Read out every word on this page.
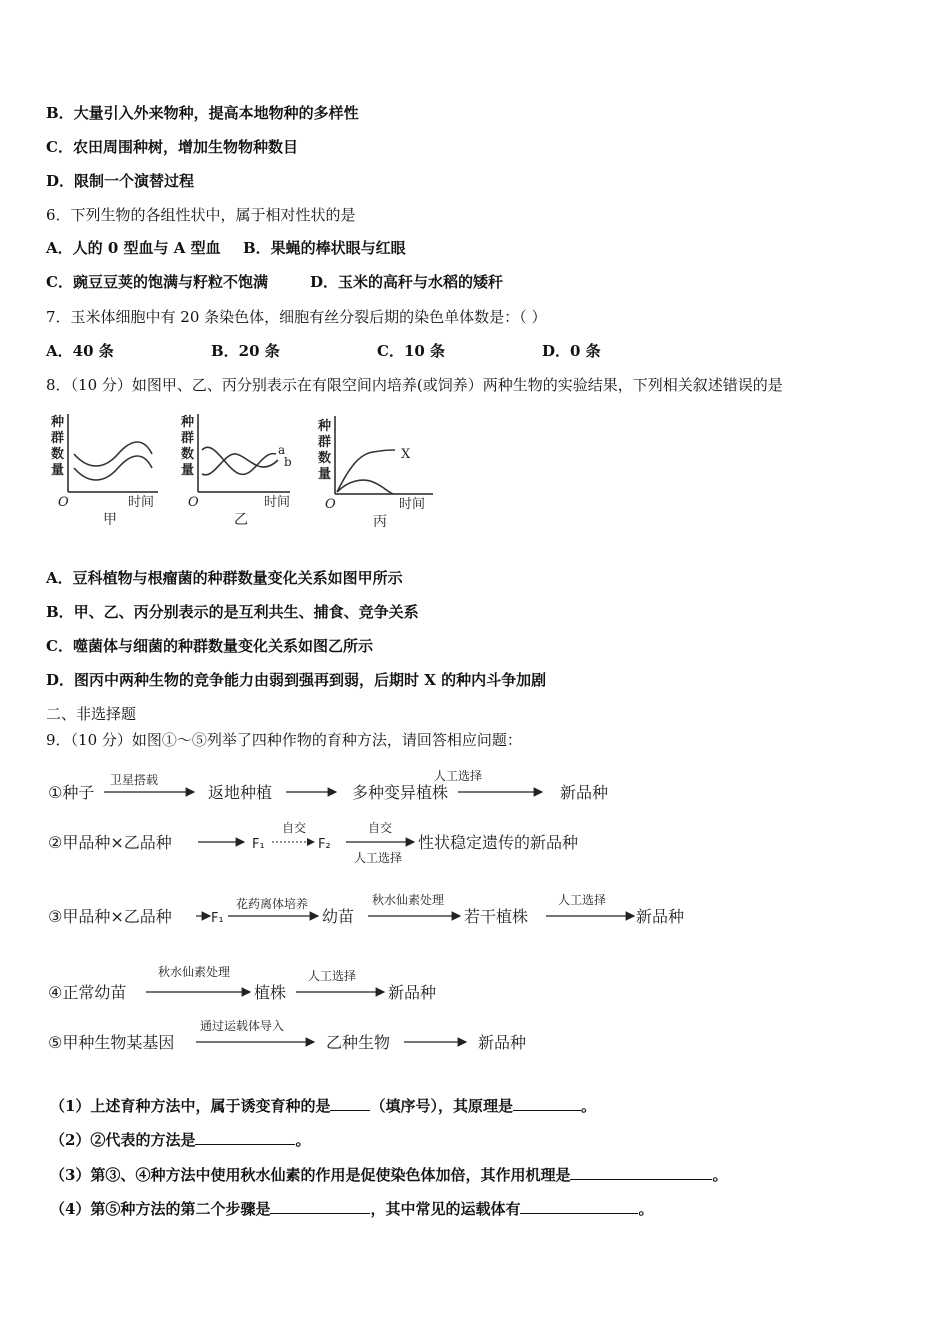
B．大量引入外来物种，提高本地物种的多样性
C．农田周围种树，增加生物物种数目
D．限制一个演替过程
6．下列生物的各组性状中，属于相对性状的是
A．人的 0 型血与 A 型血 B．果蝇的棒状眼与红眼
C．豌豆豆荚的饱满与籽粒不饱满	D．玉米的高秆与水稻的矮秆
7．玉米体细胞中有 20 条染色体，细胞有丝分裂后期的染色单体数是：（ ）
A．40 条	B．20 条	C．10 条	D．0 条
8．（10 分）如图甲、乙、丙分别表示在有限空间内培养(或饲养）两种生物的实验结果，下列相关叙述错误的是
种
群
数
量
O	时间
甲
种
群
数
量
a
b
O	时间
乙
种
群
数
量
X
O	时间
丙
A．豆科植物与根瘤菌的种群数量变化关系如图甲所示
B．甲、乙、丙分别表示的是互利共生、捕食、竞争关系
C．噬菌体与细菌的种群数量变化关系如图乙所示
D．图丙中两种生物的竞争能力由弱到强再到弱，后期时 X 的种内斗争加剧
二、非选择题
9．（10 分）如图①～⑤列举了四种作物的育种方法，请回答相应问题：
①种子
卫星搭载
返地种植	多种变异植株
人工选择
新品种
②甲品种×乙品种	F₁
自交
F₂
自交
人工选择
性状稳定遗传的新品种
③甲品种×乙品种	F₁
花药离体培养
幼苗
秋水仙素处理
若干植株
人工选择
新品种
④正常幼苗
秋水仙素处理
植株
人工选择
新品种
⑤甲种生物某基因
通过运载体导入
乙种生物	新品种
（1）上述育种方法中，属于诱变育种的是	（填序号），其原理是	。
（2）②代表的方法是	。
（3）第③、④种方法中使用秋水仙素的作用是促使染色体加倍，其作用机理是	。
（4）第⑤种方法的第二个步骤是	，其中常见的运载体有	。
